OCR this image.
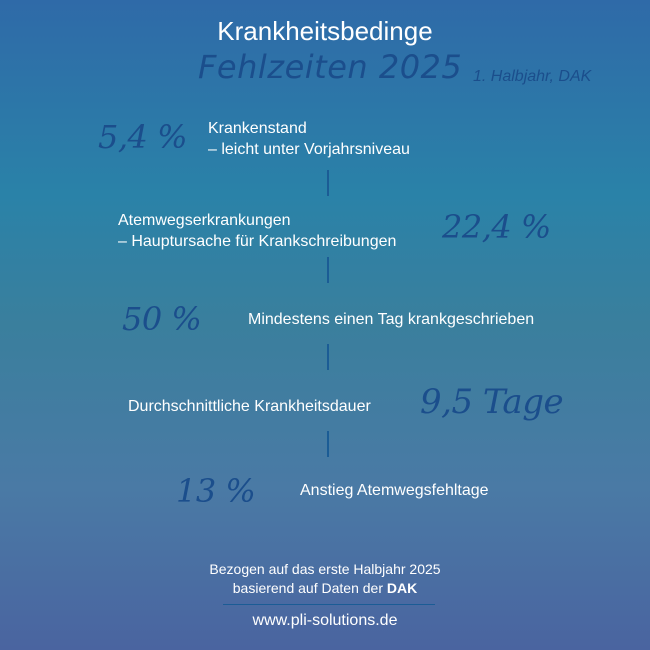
Krankheitsbedinge
Fehlzeiten 2025 1. Halbjahr, DAK
5,4 % Krankenstand
– leicht unter Vorjahrsniveau
Atemwegserkrankungen
– Hauptursache für Krankschreibungen 22,4 %
50 %	Mindestens einen Tag krankgeschrieben
Durchschnittliche Krankheitsdauer 9,5 Tage
13 %	Anstieg Atemwegsfehltage
Bezogen auf das erste Halbjahr 2025
basierend auf Daten der DAK
www.pli-solutions.de
